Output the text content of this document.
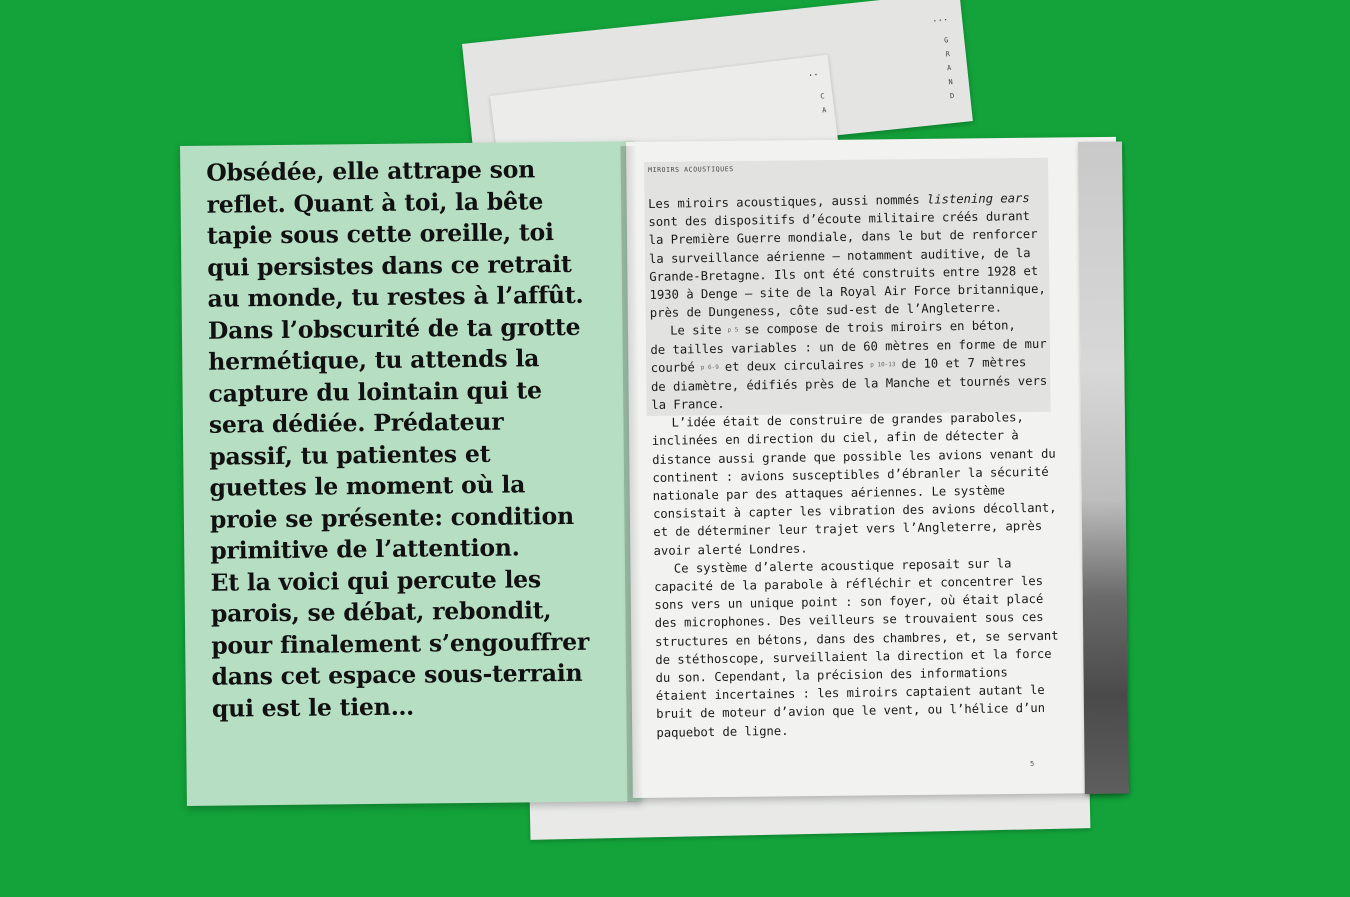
...
G
R
A
N
D
..
C
A
Obsédée, elle attrape son
reflet. Quant à toi, la bête
tapie sous cette oreille, toi
qui persistes dans ce retrait
au monde, tu restes à l’affût.
Dans l’obscurité de ta grotte
hermétique, tu attends la
capture du lointain qui te
sera dédiée. Prédateur
passif, tu patientes et
guettes le moment où la
proie se présente: condition
primitive de l’attention.
Et la voici qui percute les
parois, se débat, rebondit,
pour finalement s’engouffrer
dans cet espace sous-terrain
qui est le tien…
MIROIRS ACOUSTIQUES
Les miroirs acoustiques, aussi nommés listening ears
sont des dispositifs d’écoute militaire créés durant
la Première Guerre mondiale, dans le but de renforcer
la surveillance aérienne – notamment auditive, de la
Grande-Bretagne. Ils ont été construits entre 1928 et
1930 à Denge – site de la Royal Air Force britannique,
près de Dungeness, côte sud-est de l’Angleterre.
Le site p 5 se compose de trois miroirs en béton,
de tailles variables : un de 60 mètres en forme de mur
courbé p 6-9 et deux circulaires p 10-13 de 10 et 7 mètres
de diamètre, édifiés près de la Manche et tournés vers
la France.
L’idée était de construire de grandes paraboles,
inclinées en direction du ciel, afin de détecter à
distance aussi grande que possible les avions venant du
continent : avions susceptibles d’ébranler la sécurité
nationale par des attaques aériennes. Le système
consistait à capter les vibration des avions décollant,
et de déterminer leur trajet vers l’Angleterre, après
avoir alerté Londres.
Ce système d’alerte acoustique reposait sur la
capacité de la parabole à réfléchir et concentrer les
sons vers un unique point : son foyer, où était placé
des microphones. Des veilleurs se trouvaient sous ces
structures en bétons, dans des chambres, et, se servant
de stéthoscope, surveillaient la direction et la force
du son. Cependant, la précision des informations
étaient incertaines : les miroirs captaient autant le
bruit de moteur d’avion que le vent, ou l’hélice d’un
paquebot de ligne.
5
